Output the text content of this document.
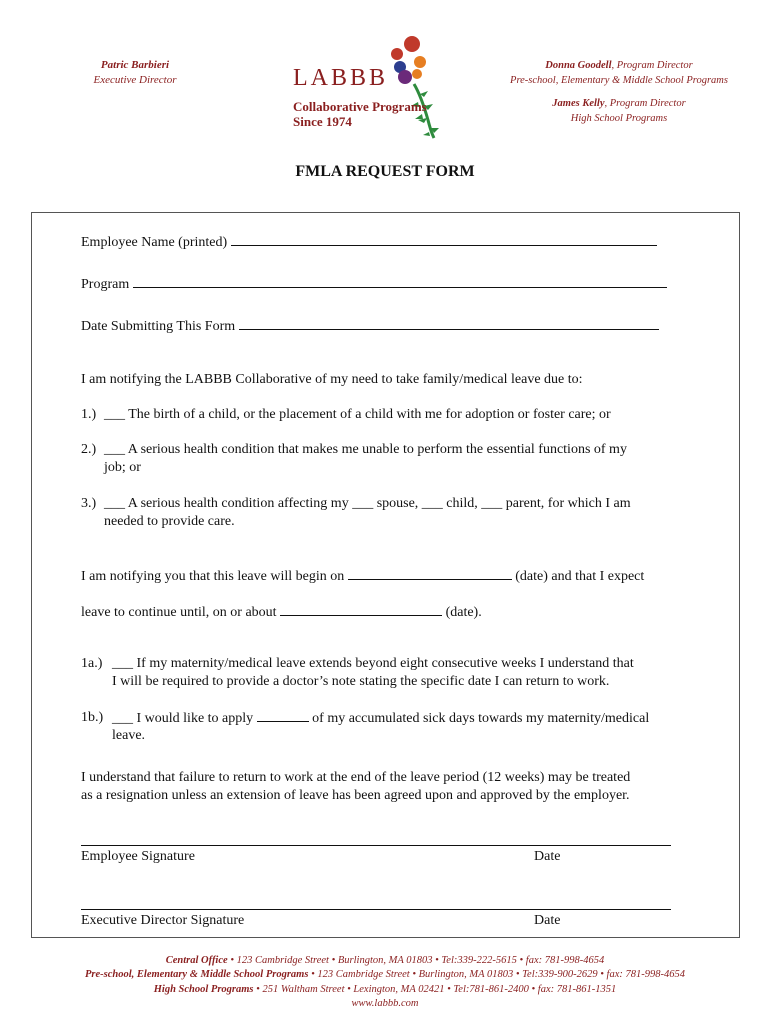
Patric Barbieri
Executive Director	LABBB
Collaborative Programs
Since 1974
Donna Goodell, Program Director
Pre-school, Elementary & Middle School Programs
James Kelly, Program Director
High School Programs
FMLA REQUEST FORM
Employee Name (printed)
Program
Date Submitting This Form
I am notifying the LABBB Collaborative of my need to take family/medical leave due to:
1.) ___ The birth of a child, or the placement of a child with me for adoption or foster care; or
2.) ___ A serious health condition that makes me unable to perform the essential functions of my
job; or
3.) ___ A serious health condition affecting my ___ spouse, ___ child, ___ parent, for which I am
needed to provide care.
I am notifying you that this leave will begin on	(date) and that I expect
leave to continue until, on or about	(date).
1a.) ___ If my maternity/medical leave extends beyond eight consecutive weeks I understand that
I will be required to provide a doctor’s note stating the specific date I can return to work.
1b.) ___ I would like to apply	of my accumulated sick days towards my maternity/medical
leave.
I understand that failure to return to work at the end of the leave period (12 weeks) may be treated
as a resignation unless an extension of leave has been agreed upon and approved by the employer.
Employee Signature	Date
Executive Director Signature	Date
Central Office • 123 Cambridge Street • Burlington, MA 01803 • Tel:339-222-5615 • fax: 781-998-4654
Pre-school, Elementary & Middle School Programs • 123 Cambridge Street • Burlington, MA 01803 • Tel:339-900-2629 • fax: 781-998-4654
High School Programs • 251 Waltham Street • Lexington, MA 02421 • Tel:781-861-2400 • fax: 781-861-1351
www.labbb.com
